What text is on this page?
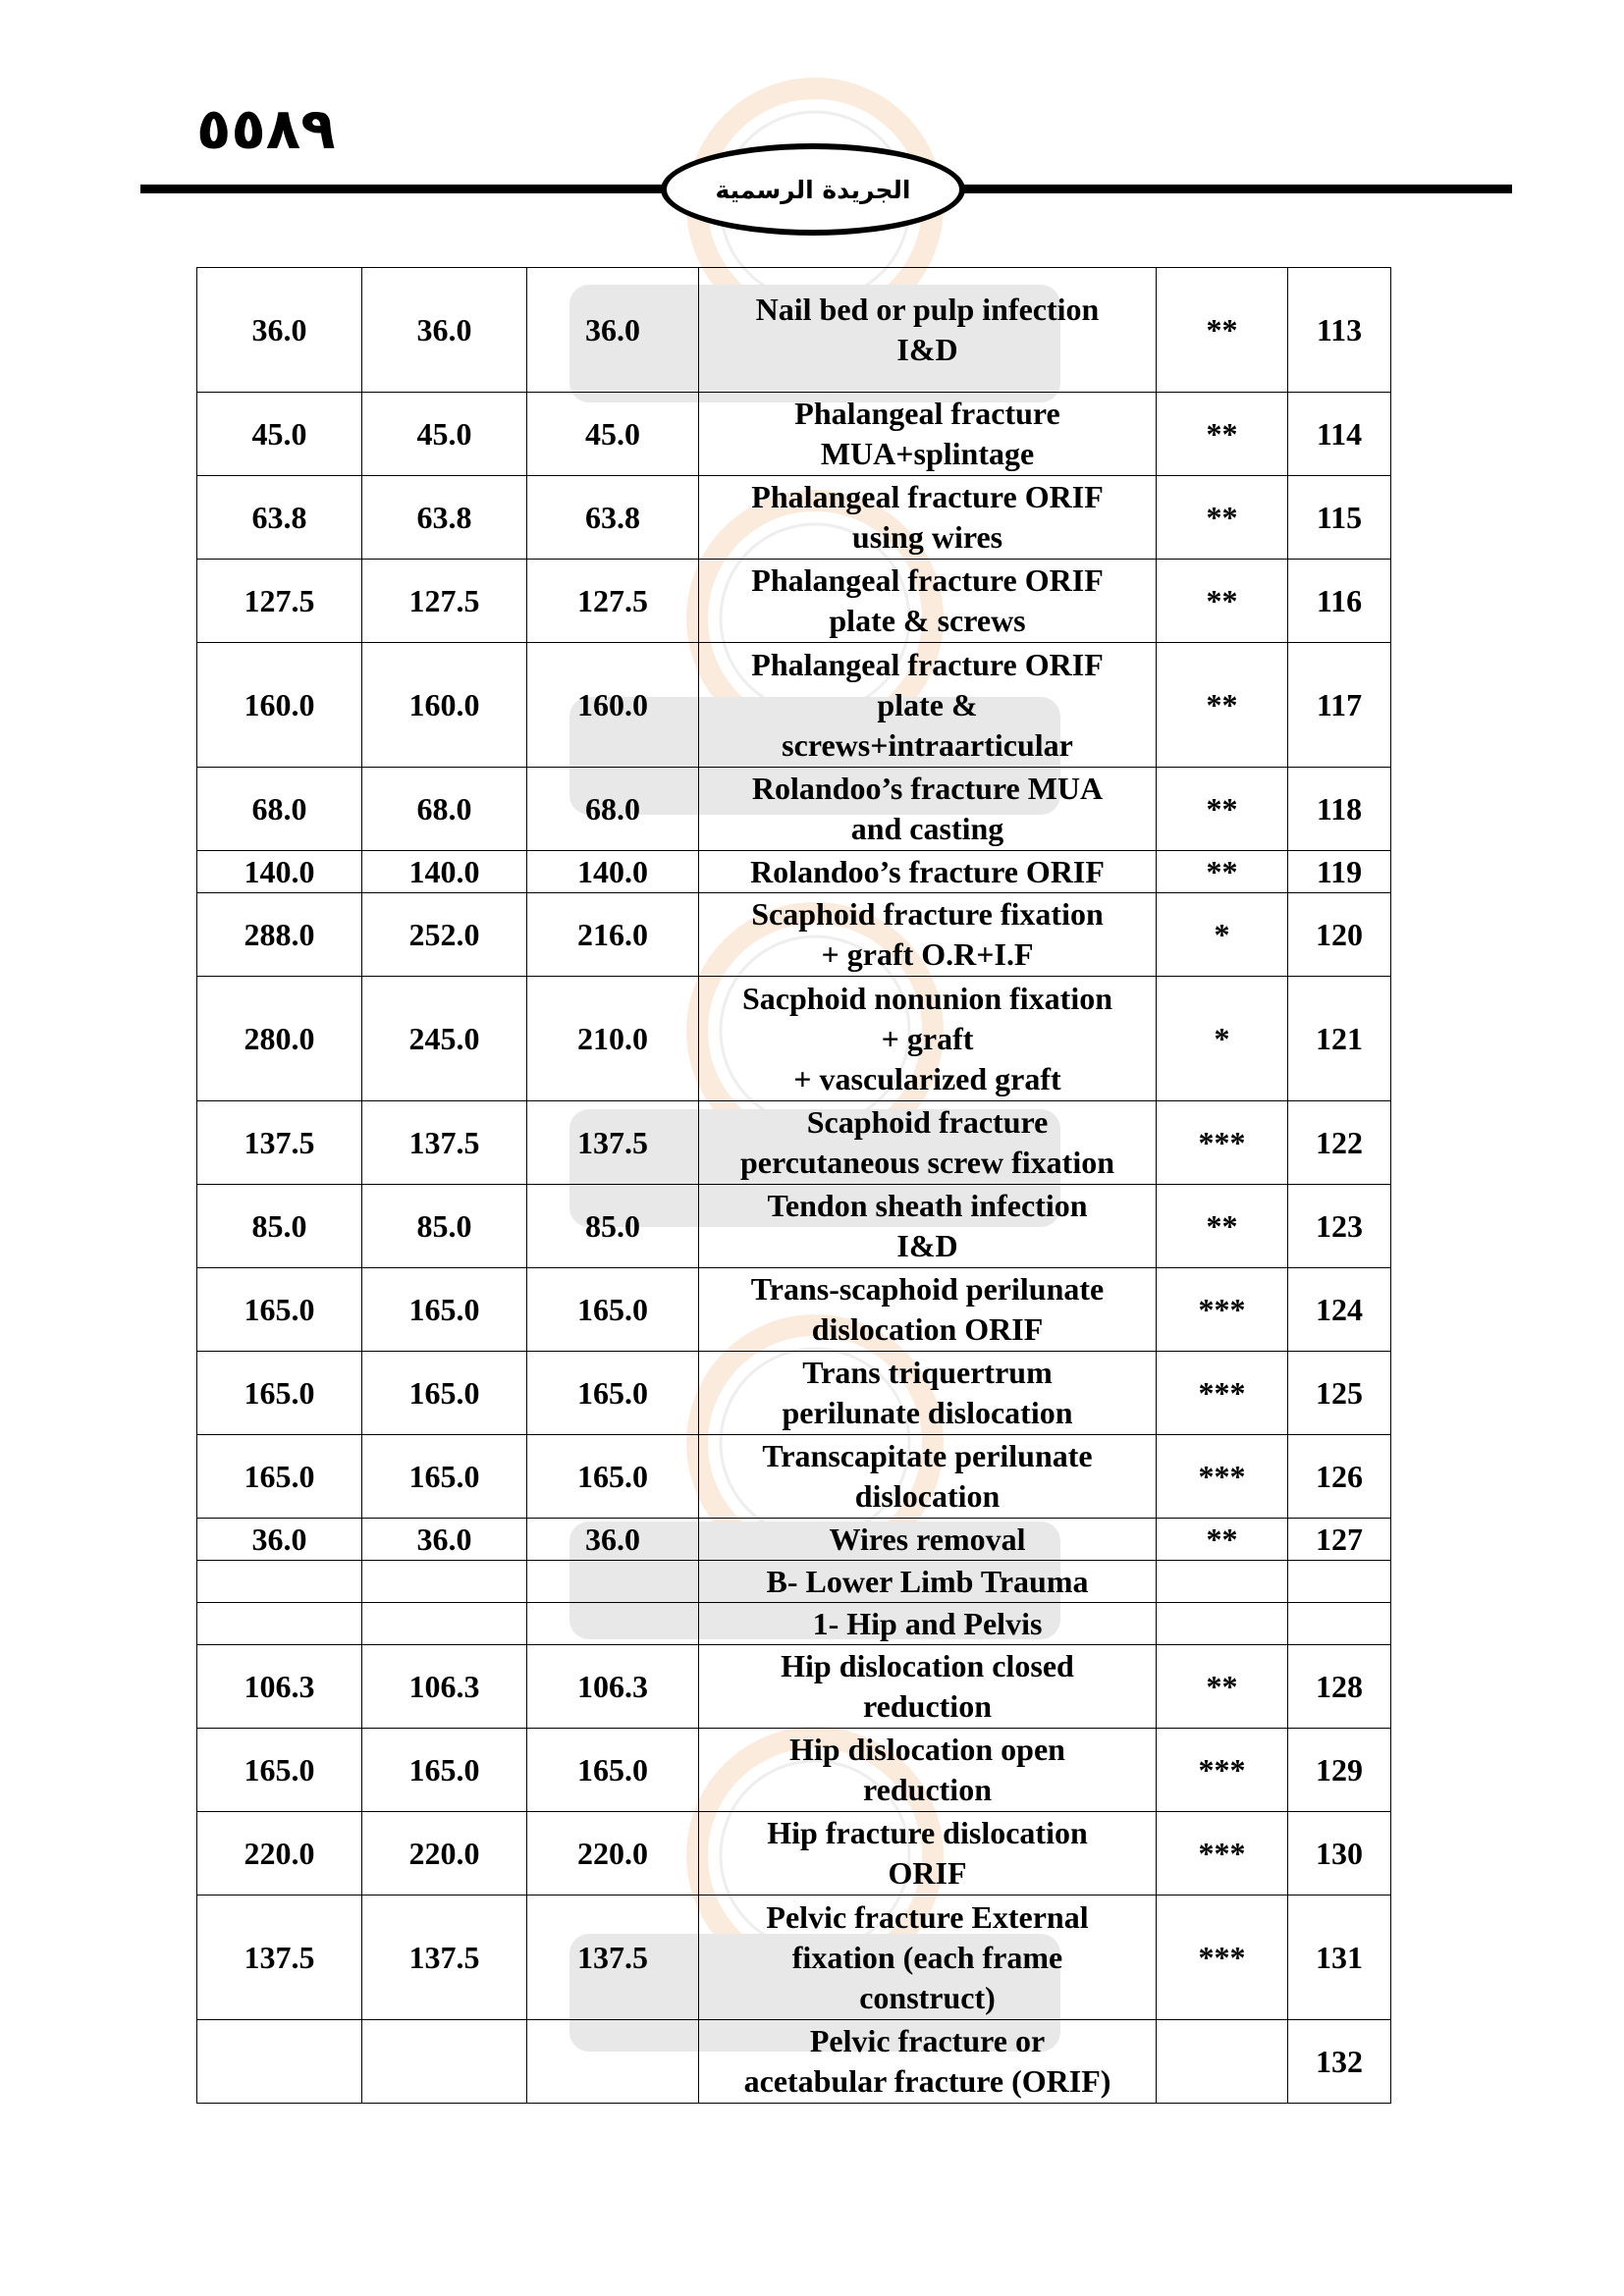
٥٥٨٩
الجريدة الرسمية
36.0	36.0	36.0	Nail bed or pulp infection
I&D	**	113
45.0	45.0	45.0	Phalangeal fracture
MUA+splintage	**	114
63.8	63.8	63.8	Phalangeal fracture ORIF
using wires	**	115
127.5	127.5	127.5	Phalangeal fracture ORIF
plate & screws	**	116
160.0	160.0	160.0	Phalangeal fracture ORIF
plate &
screws+intraarticular	**	117
68.0	68.0	68.0	Rolandoo’s fracture MUA
and casting	**	118
140.0	140.0	140.0	Rolandoo’s fracture ORIF	**	119
288.0	252.0	216.0	Scaphoid fracture fixation
+ graft O.R+I.F	*	120
280.0	245.0	210.0	Sacphoid nonunion fixation
+ graft
+ vascularized graft	*	121
137.5	137.5	137.5	Scaphoid fracture
percutaneous screw fixation	***	122
85.0	85.0	85.0	Tendon sheath infection
I&D	**	123
165.0	165.0	165.0	Trans-scaphoid perilunate
dislocation ORIF	***	124
165.0	165.0	165.0	Trans triquertrum
perilunate dislocation	***	125
165.0	165.0	165.0	Transcapitate perilunate
dislocation	***	126
36.0	36.0	36.0	Wires removal	**	127
			B- Lower Limb Trauma		
			1- Hip and Pelvis		
106.3	106.3	106.3	Hip dislocation closed
reduction	**	128
165.0	165.0	165.0	Hip dislocation open
reduction	***	129
220.0	220.0	220.0	Hip fracture dislocation
ORIF	***	130
137.5	137.5	137.5	Pelvic fracture External
fixation (each frame
construct)	***	131
			Pelvic fracture or
acetabular fracture (ORIF)		132
